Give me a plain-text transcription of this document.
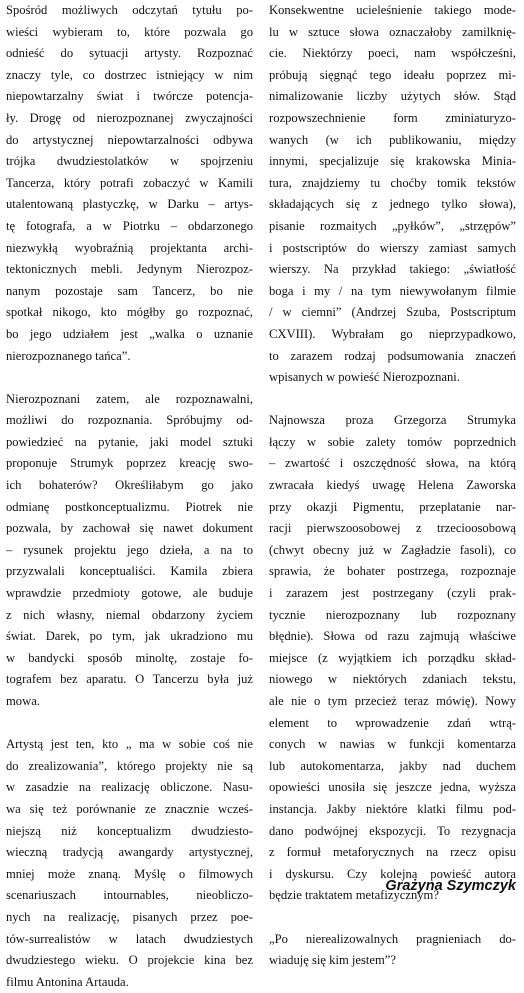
Spośród możliwych odczytań tytułu po-
wieści wybieram to, które pozwala go
odnieść do sytuacji artysty. Rozpoznać
znaczy tyle, co dostrzec istniejący w nim
niepowtarzalny świat i twórcze potencja-
ły. Drogę od nierozpoznanej zwyczajności
do artystycznej niepowtarzalności odbywa
trójka dwudziestolatków w spojrzeniu
Tancerza, który potrafi zobaczyć w Kamili
utalentowaną plastyczkę, w Darku – artys-
tę fotografa, a w Piotrku – obdarzonego
niezwykłą wyobraźnią projektanta archi-
tektonicznych mebli. Jedynym Nierozpoz-
nanym pozostaje sam Tancerz, bo nie
spotkał nikogo, kto mógłby go rozpoznać,
bo jego udziałem jest „walka o uznanie
nierozpoznanego tańca”.
Nierozpoznani zatem, ale rozpoznawalni,
możliwi do rozpoznania. Spróbujmy od-
powiedzieć na pytanie, jaki model sztuki
proponuje Strumyk poprzez kreację swo-
ich bohaterów? Określiłabym go jako
odmianę postkonceptualizmu. Piotrek nie
pozwala, by zachował się nawet dokument
– rysunek projektu jego dzieła, a na to
przyzwalali konceptualiści. Kamila zbiera
wprawdzie przedmioty gotowe, ale buduje
z nich własny, niemal obdarzony życiem
świat. Darek, po tym, jak ukradziono mu
w bandycki sposób minoltę, zostaje fo-
tografem bez aparatu. O Tancerzu była już
mowa.
Artystą jest ten, kto „ ma w sobie coś nie
do zrealizowania”, którego projekty nie są
w zasadzie na realizację obliczone. Nasu-
wa się też porównanie ze znacznie wcześ-
niejszą niż konceptualizm dwudziesto-
wieczną tradycją awangardy artystycznej,
mniej może znaną. Myślę o filmowych
scenariuszach intournables, nieobliczo-
nych na realizację, pisanych przez poe-
tów-surrealistów w latach dwudziestych
dwudziestego wieku. O projekcie kina bez
filmu Antonina Artauda.
Konsekwentne ucieleśnienie takiego mode-
lu w sztuce słowa oznaczałoby zamilknię-
cie. Niektórzy poeci, nam współcześni,
próbują sięgnąć tego ideału poprzez mi-
nimalizowanie liczby użytych słów. Stąd
rozpowszechnienie form zminiaturyzo-
wanych (w ich publikowaniu, między
innymi, specjalizuje się krakowska Minia-
tura, znajdziemy tu choćby tomik tekstów
składających się z jednego tylko słowa),
pisanie rozmaitych „pyłków”, „strzępów”
i postscriptów do wierszy zamiast samych
wierszy. Na przykład takiego: „światłość
boga i my / na tym niewywołanym filmie
/ w ciemni” (Andrzej Szuba, Postscriptum
CXVIII). Wybrałam go nieprzypadkowo,
to zarazem rodzaj podsumowania znaczeń
wpisanych w powieść Nierozpoznani.
Najnowsza proza Grzegorza Strumyka
łączy w sobie zalety tomów poprzednich
– zwartość i oszczędność słowa, na którą
zwracała kiedyś uwagę Helena Zaworska
przy okazji Pigmentu, przeplatanie nar-
racji pierwszoosobowej z trzecioosobową
(chwyt obecny już w Zagładzie fasoli), co
sprawia, że bohater postrzega, rozpoznaje
i zarazem jest postrzegany (czyli prak-
tycznie nierozpoznany lub rozpoznany
błędnie). Słowa od razu zajmują właściwe
miejsce (z wyjątkiem ich porządku skład-
niowego w niektórych zdaniach tekstu,
ale nie o tym przecież teraz mówię). Nowy
element to wprowadzenie zdań wtrą-
conych w nawias w funkcji komentarza
lub autokomentarza, jakby nad duchem
opowieści unosiła się jeszcze jedna, wyższa
instancja. Jakby niektóre klatki filmu pod-
dano podwójnej ekspozycji. To rezygnacja
z formuł metaforycznych na rzecz opisu
i dyskursu. Czy kolejna powieść autora
będzie traktatem metafizycznym?
„Po nierealizowalnych pragnieniach do-
wiaduję się kim jestem”?
Grażyna Szymczyk
